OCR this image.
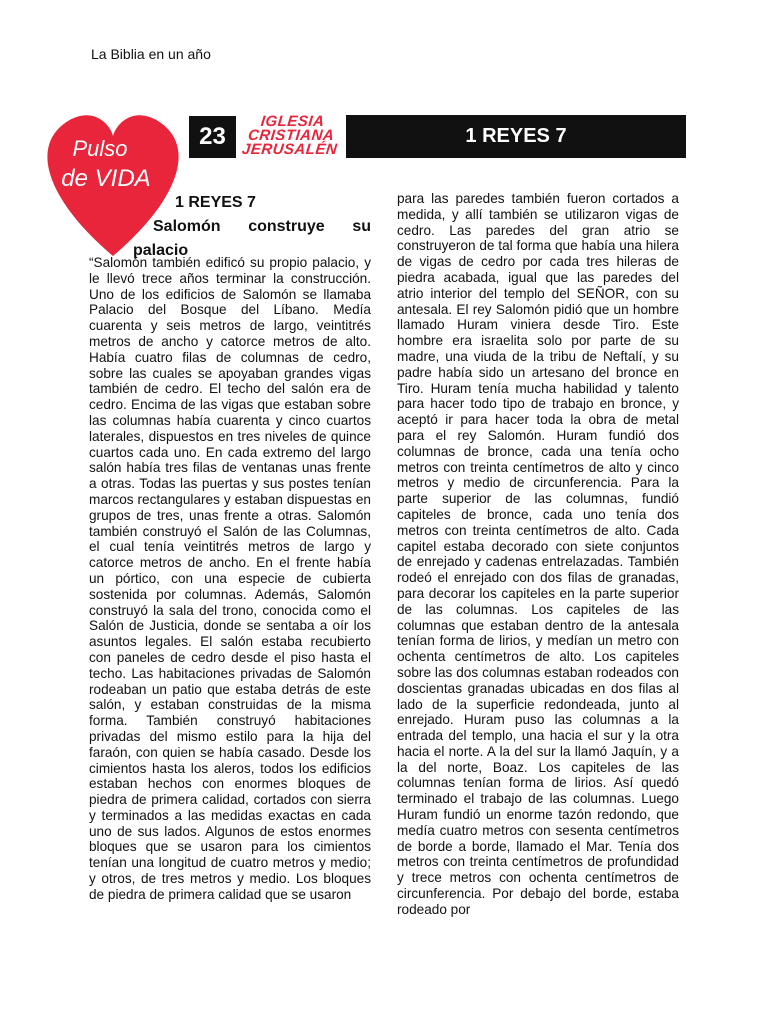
La Biblia en un año
Pulso
de VIDA
23
IGLESIA
CRISTIANA
JERUSALÉN
1 REYES 7
1 REYES 7
Salomón construye su
palacio
“Salomón también edificó su propio palacio, y le llevó trece años terminar la construcción. Uno de los edificios de Salomón se llamaba Palacio del Bosque del Líbano. Medía cuarenta y seis metros de largo, veintitrés metros de ancho y catorce metros de alto. Había cuatro filas de columnas de cedro, sobre las cuales se apoyaban grandes vigas también de cedro. El techo del salón era de cedro. Encima de las vigas que estaban sobre las columnas había cuarenta y cinco cuartos laterales, dispuestos en tres niveles de quince cuartos cada uno. En cada extremo del largo salón había tres filas de ventanas unas frente a otras. Todas las puertas y sus postes tenían marcos rectangulares y estaban dispuestas en grupos de tres, unas frente a otras. Salomón también construyó el Salón de las Columnas, el cual tenía veintitrés metros de largo y catorce metros de ancho. En el frente había un pórtico, con una especie de cubierta sostenida por columnas. Además, Salomón construyó la sala del trono, conocida como el Salón de Justicia, donde se sentaba a oír los asuntos legales. El salón estaba recubierto con paneles de cedro desde el piso hasta el techo. Las habitaciones privadas de Salomón rodeaban un patio que estaba detrás de este salón, y estaban construidas de la misma forma. También construyó habitaciones privadas del mismo estilo para la hija del faraón, con quien se había casado. Desde los cimientos hasta los aleros, todos los edificios estaban hechos con enormes bloques de piedra de primera calidad, cortados con sierra y terminados a las medidas exactas en cada uno de sus lados. Algunos de estos enormes bloques que se usaron para los cimientos tenían una longitud de cuatro metros y medio; y otros, de tres metros y medio. Los bloques de piedra de primera calidad que se usaron
para las paredes también fueron cortados a medida, y allí también se utilizaron vigas de cedro. Las paredes del gran atrio se construyeron de tal forma que había una hilera de vigas de cedro por cada tres hileras de piedra acabada, igual que las paredes del atrio interior del templo del SEÑOR, con su antesala. El rey Salomón pidió que un hombre llamado Huram viniera desde Tiro. Este hombre era israelita solo por parte de su madre, una viuda de la tribu de Neftalí, y su padre había sido un artesano del bronce en Tiro. Huram tenía mucha habilidad y talento para hacer todo tipo de trabajo en bronce, y aceptó ir para hacer toda la obra de metal para el rey Salomón. Huram fundió dos columnas de bronce, cada una tenía ocho metros con treinta centímetros de alto y cinco metros y medio de circunferencia. Para la parte superior de las columnas, fundió capiteles de bronce, cada uno tenía dos metros con treinta centímetros de alto. Cada capitel estaba decorado con siete conjuntos de enrejado y cadenas entrelazadas. También rodeó el enrejado con dos filas de granadas, para decorar los capiteles en la parte superior de las columnas. Los capiteles de las columnas que estaban dentro de la antesala tenían forma de lirios, y medían un metro con ochenta centímetros de alto. Los capiteles sobre las dos columnas estaban rodeados con doscientas granadas ubicadas en dos filas al lado de la superficie redondeada, junto al enrejado. Huram puso las columnas a la entrada del templo, una hacia el sur y la otra hacia el norte. A la del sur la llamó Jaquín, y a la del norte, Boaz. Los capiteles de las columnas tenían forma de lirios. Así quedó terminado el trabajo de las columnas. Luego Huram fundió un enorme tazón redondo, que medía cuatro metros con sesenta centímetros de borde a borde, llamado el Mar. Tenía dos metros con treinta centímetros de profundidad y trece metros con ochenta centímetros de circunferencia. Por debajo del borde, estaba rodeado por
